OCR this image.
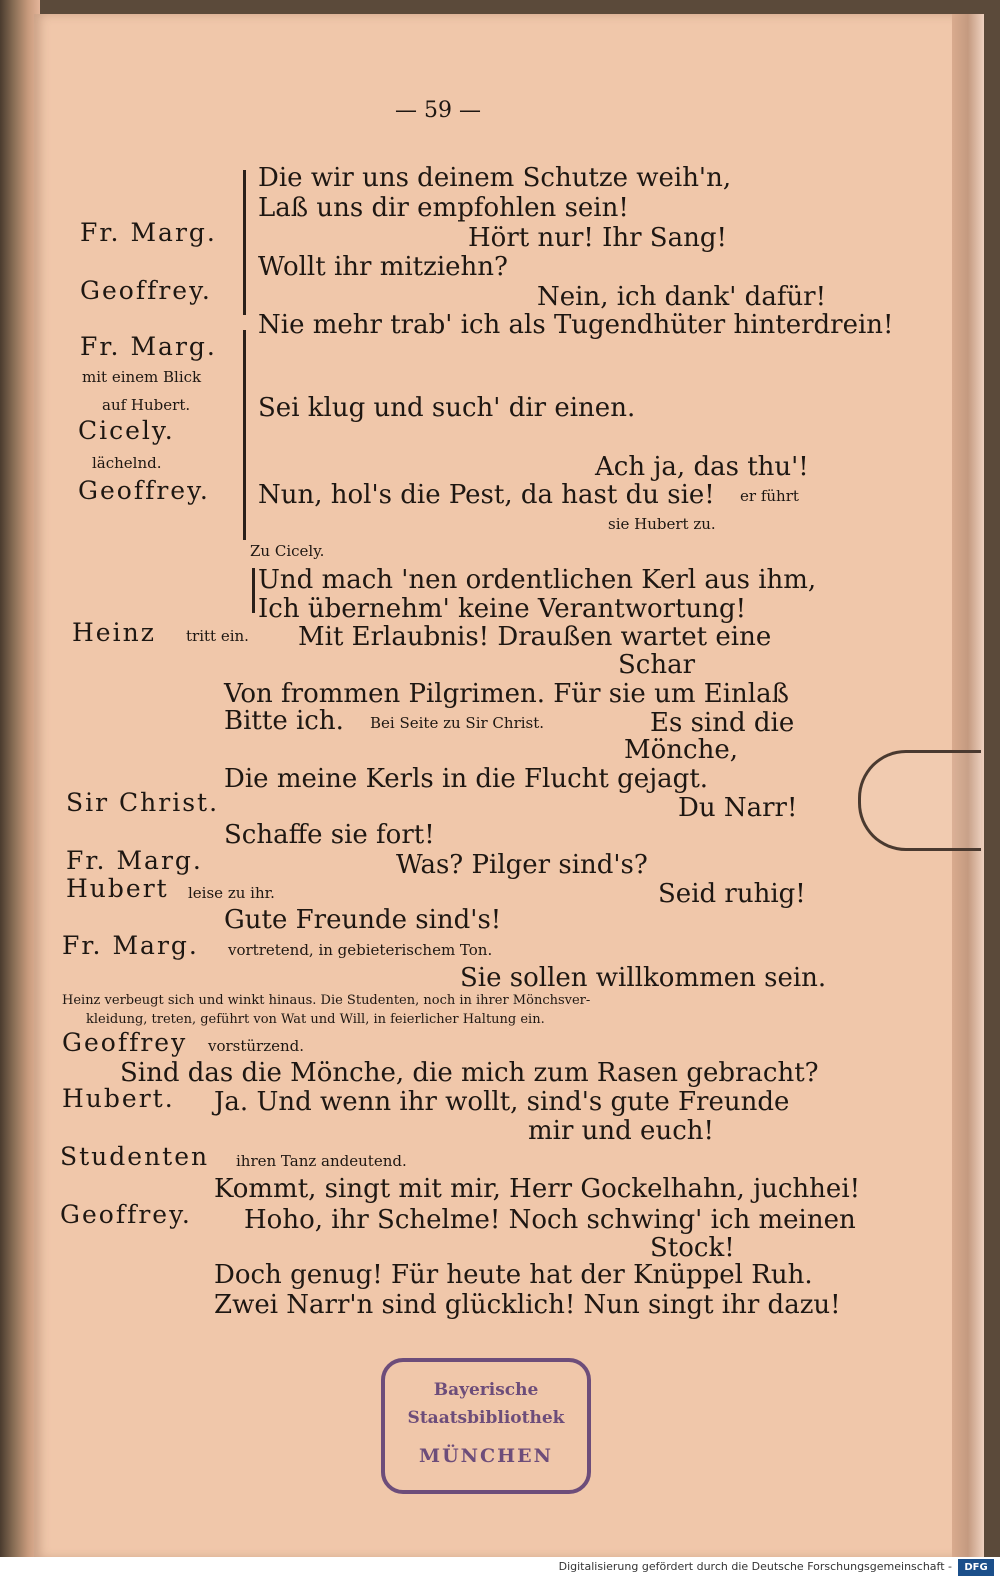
— 59 —
Die wir uns deinem Schutze weih'n,
Laß uns dir empfohlen sein!
Fr. Marg.	Hört nur! Ihr Sang!
Wollt ihr mitziehn?
Geoffrey.	Nein, ich dank' dafür!
Nie mehr trab' ich als Tugendhüter hinterdrein!
Fr. Marg.
mit einem Blick
auf Hubert.	Sei klug und such' dir einen.
Cicely.
lächelnd.	Ach ja, das thu'!
Geoffrey. Nun, hol's die Pest, da hast du sie! er führt
sie Hubert zu.
Zu Cicely.
Und mach 'nen ordentlichen Kerl aus ihm,
Ich übernehm' keine Verantwortung!
Heinz tritt ein. Mit Erlaubnis! Draußen wartet eine
Schar
Von frommen Pilgrimen. Für sie um Einlaß
Bitte ich. Bei Seite zu Sir Christ.	Es sind die
Mönche,
Die meine Kerls in die Flucht gejagt.
Sir Christ.	Du Narr!
Schaffe sie fort!
Fr. Marg.	Was? Pilger sind's?
Hubert leise zu ihr.	Seid ruhig!
Gute Freunde sind's!
Fr. Marg. vortretend, in gebieterischem Ton.
Sie sollen willkommen sein.
Heinz verbeugt sich und winkt hinaus. Die Studenten, noch in ihrer Mönchsver-
kleidung, treten, geführt von Wat und Will, in feierlicher Haltung ein.
Geoffrey vorstürzend.
Sind das die Mönche, die mich zum Rasen gebracht?
Hubert. Ja. Und wenn ihr wollt, sind's gute Freunde
mir und euch!
Studenten ihren Tanz andeutend.
Kommt, singt mit mir, Herr Gockelhahn, juchhei!
Geoffrey. Hoho, ihr Schelme! Noch schwing' ich meinen
Stock!
Doch genug! Für heute hat der Knüppel Ruh.
Zwei Narr'n sind glücklich! Nun singt ihr dazu!
Bayerische
Staatsbibliothek
MÜNCHEN
Digitalisierung gefördert durch die Deutsche Forschungsgemeinschaft -	DFG
